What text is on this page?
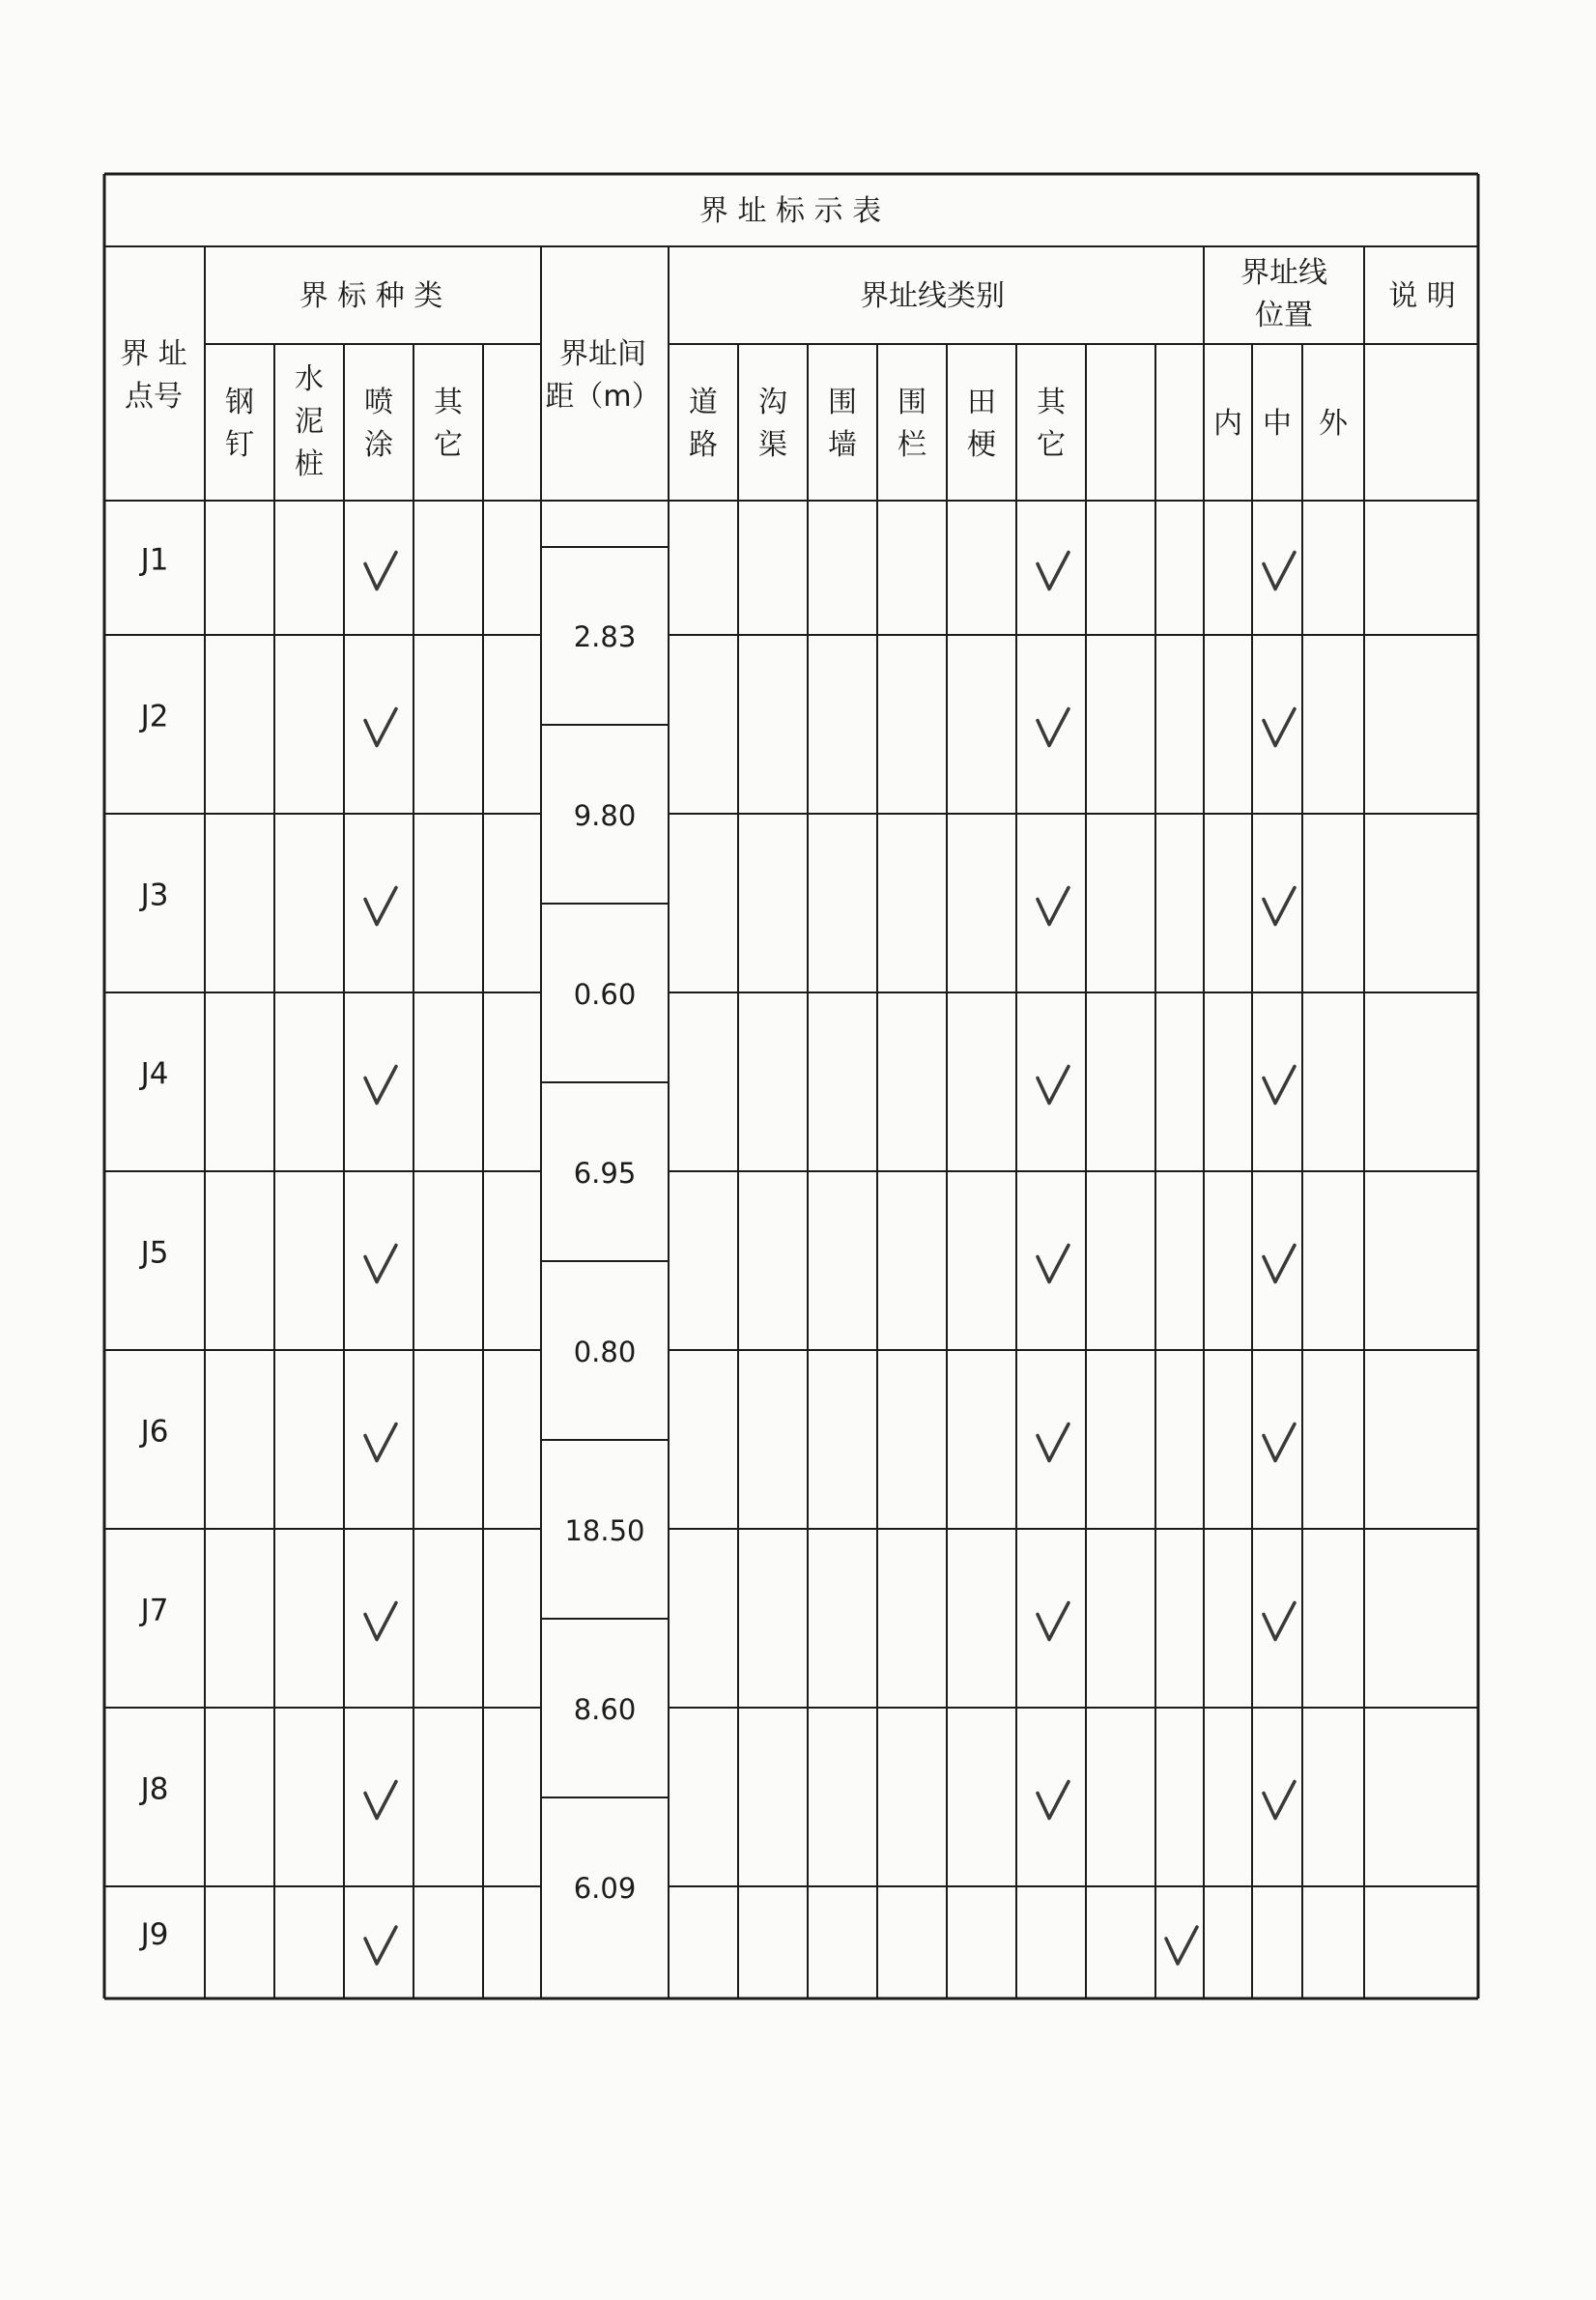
界 址 标 示 表
界 标 种 类	界址线类别	说 明
界 址
点号
界址间
距（m）
界址线
位置
钢
钉
水
泥
桩
喷
涂
其
它
道
路
沟
渠
围
墙
围
栏
田
梗
其
它
内 中 外
J1
J2
J3
J4
J5
J6
J7
J8
J9
2.83
9.80
0.60
6.95
0.80
18.50
8.60
6.09
